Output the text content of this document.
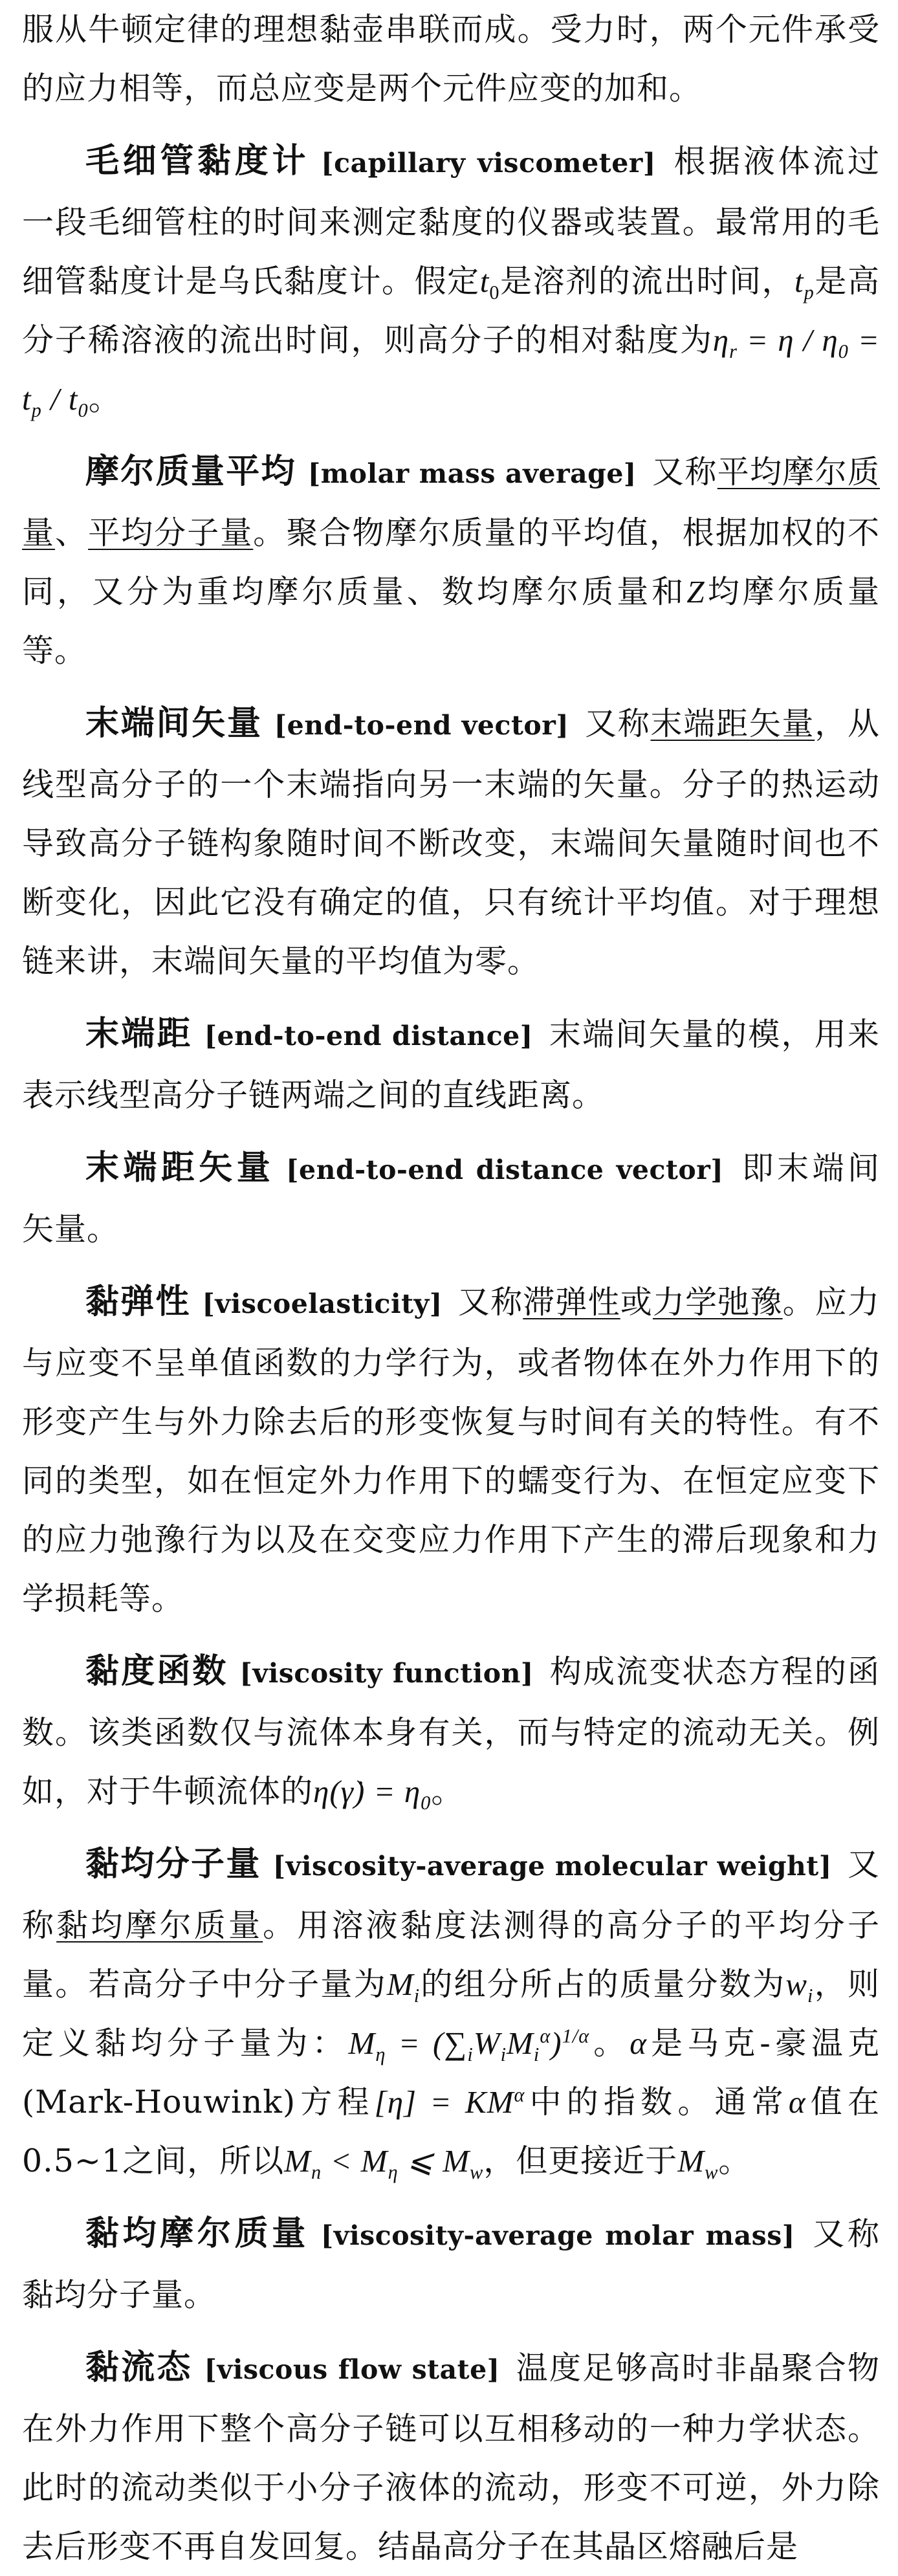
服从牛顿定律的理想黏壶串联而成。受力时，两个元件承受的应力相等，而总应变是两个元件应变的加和。

毛细管黏度计 [capillary viscometer] 根据液体流过一段毛细管柱的时间来测定黏度的仪器或装置。最常用的毛细管黏度计是乌氏黏度计。假定$t_0$是溶剂的流出时间，$t_p$是高分子稀溶液的流出时间，则高分子的相对黏度为$\eta_r = \eta / \eta_0 = t_p / t_0$。

摩尔质量平均 [molar mass average] 又称平均摩尔质量、平均分子量。聚合物摩尔质量的平均值，根据加权的不同，又分为重均摩尔质量、数均摩尔质量和Z均摩尔质量等。

末端间矢量 [end-to-end vector] 又称末端距矢量，从线型高分子的一个末端指向另一末端的矢量。分子的热运动导致高分子链构象随时间不断改变，末端间矢量随时间也不断变化，因此它没有确定的值，只有统计平均值。对于理想链来讲，末端间矢量的平均值为零。

末端距 [end-to-end distance] 末端间矢量的模，用来表示线型高分子链两端之间的直线距离。

末端距矢量 [end-to-end distance vector] 即末端间矢量。

黏弹性 [viscoelasticity] 又称滞弹性或力学弛豫。应力与应变不呈单值函数的力学行为，或者物体在外力作用下的形变产生与外力除去后的形变恢复与时间有关的特性。有不同的类型，如在恒定外力作用下的蠕变行为、在恒定应变下的应力弛豫行为以及在交变应力作用下产生的滞后现象和力学损耗等。

黏度函数 [viscosity function] 构成流变状态方程的函数。该类函数仅与流体本身有关，而与特定的流动无关。例如，对于牛顿流体的η(γ̇) = $\eta_0$。

黏均分子量 [viscosity-average molecular weight] 又称黏均摩尔质量。用溶液黏度法测得的高分子的平均分子量。若高分子中分子量为$M_i$的组分所占的质量分数为$w_i$，则定义黏均分子量为：$M_\eta = (\sum_iW_iM_i^\alpha)^{1/\alpha}$。α是马克-豪温克(Mark-Houwink)方程$[\eta] = KM^\alpha$中的指数。通常α值在0.5~1之间，所以$M_n < M_\eta$ ⩽ $M_w$，但更接近于$M_w$。

黏均摩尔质量 [viscosity-average molar mass] 又称黏均分子量。

黏流态 [viscous flow state] 温度足够高时非晶聚合物在外力作用下整个高分子链可以互相移动的一种力学状态。此时的流动类似于小分子液体的流动，形变不可逆，外力除去后形变不再自发回复。结晶高分子在其晶区熔融后是
